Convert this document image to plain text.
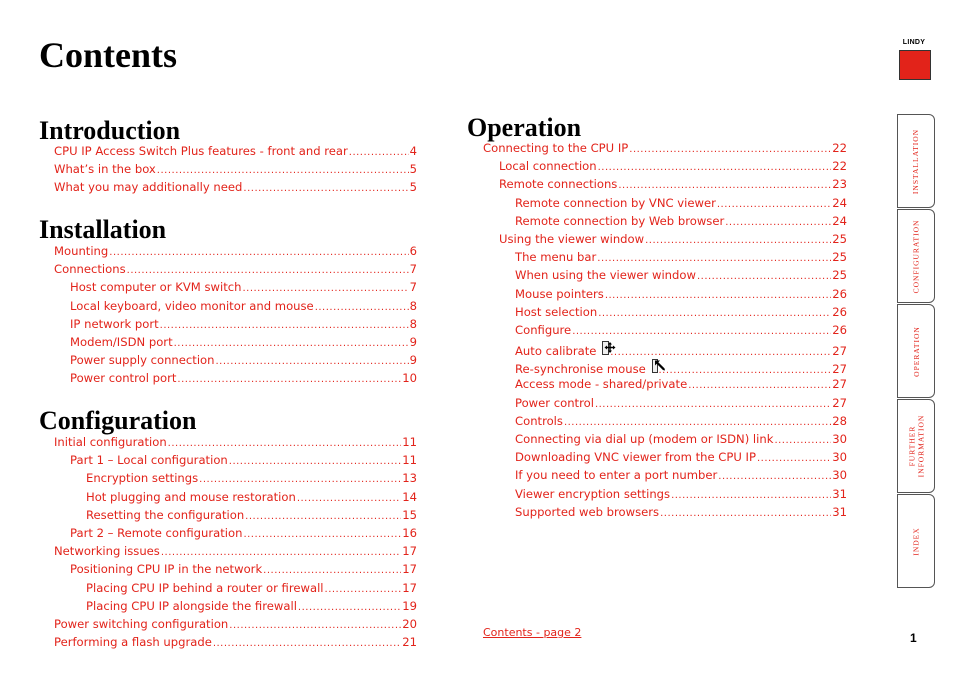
Contents
Introduction
CPU IP Access Switch Plus features - front and rear .....	4
What’s in the box .....	5
What you may additionally need .....	5
Installation
Mounting .....	6
Connections .....	7
Host computer or KVM switch .....	7
Local keyboard, video monitor and mouse .....	8
IP network port .....	8
Modem/ISDN port .....	9
Power supply connection .....	9
Power control port .....	10
Configuration
Initial configuration .....	11
Part 1 – Local configuration .....	11
Encryption settings .....	13
Hot plugging and mouse restoration .....	14
Resetting the configuration .....	15
Part 2 – Remote configuration .....	16
Networking issues .....	17
Positioning CPU IP in the network .....	17
Placing CPU IP behind a router or firewall .....	17
Placing CPU IP alongside the firewall .....	19
Power switching configuration .....	20
Performing a flash upgrade .....	21
Operation
Connecting to the CPU IP .....	22
Local connection .....	22
Remote connections .....	23
Remote connection by VNC viewer .....	24
Remote connection by Web browser .....	24
Using the viewer window .....	25
The menu bar .....	25
When using the viewer window .....	25
Mouse pointers .....	26
Host selection .....	26
Configure .....	26
Auto calibrate .....	27
Re-synchronise mouse .....	27
Access mode - shared/private .....	27
Power control .....	27
Controls .....	28
Connecting via dial up (modem or ISDN) link .....	30
Downloading VNC viewer from the CPU IP .....	30
If you need to enter a port number .....	30
Viewer encryption settings .....	31
Supported web browsers .....	31
LINDY
INSTALLATION
CONFIGURATION
OPERATION
FURTHER INFORMATION
INDEX
Contents - page 2	1
